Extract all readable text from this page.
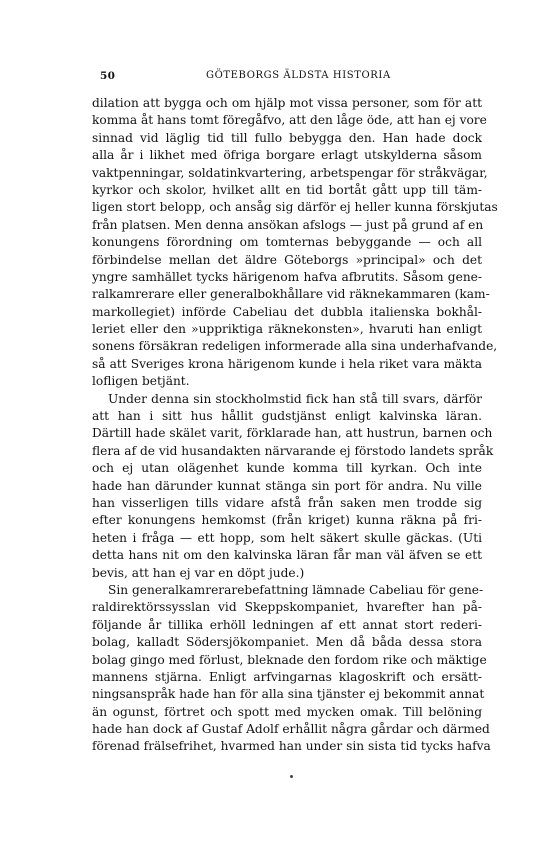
50	GÖTEBORGS ÄLDSTA HISTORIA
dilation att bygga och om hjälp mot vissa personer, som för att
komma åt hans tomt föregåfvo, att den låge öde, att han ej vore
sinnad vid läglig tid till fullo bebygga den. Han hade dock
alla år i likhet med öfriga borgare erlagt utskylderna såsom
vaktpenningar, soldatinkvartering, arbetspengar för stråkvägar,
kyrkor och skolor, hvilket allt en tid bortåt gått upp till täm-
ligen stort belopp, och ansåg sig därför ej heller kunna förskjutas
från platsen. Men denna ansökan afslogs — just på grund af en
konungens förordning om tomternas bebyggande — och all
förbindelse mellan det äldre Göteborgs »principal» och det
yngre samhället tycks härigenom hafva afbrutits. Såsom gene-
ralkamrerare eller generalbokhållare vid räknekammaren (kam-
markollegiet) införde Cabeliau det dubbla italienska bokhål-
leriet eller den »uppriktiga räknekonsten», hvaruti han enligt
sonens försäkran redeligen informerade alla sina underhafvande,
så att Sveriges krona härigenom kunde i hela riket vara mäkta
lofligen betjänt.
Under denna sin stockholmstid fick han stå till svars, därför
att han i sitt hus hållit gudstjänst enligt kalvinska läran.
Därtill hade skälet varit, förklarade han, att hustrun, barnen och
flera af de vid husandakten närvarande ej förstodo landets språk
och ej utan olägenhet kunde komma till kyrkan. Och inte
hade han därunder kunnat stänga sin port för andra. Nu ville
han visserligen tills vidare afstå från saken men trodde sig
efter konungens hemkomst (från kriget) kunna räkna på fri-
heten i fråga — ett hopp, som helt säkert skulle gäckas. (Uti
detta hans nit om den kalvinska läran får man väl äfven se ett
bevis, att han ej var en döpt jude.)
Sin generalkamrerarebefattning lämnade Cabeliau för gene-
raldirektörssysslan vid Skeppskompaniet, hvarefter han på-
följande år tillika erhöll ledningen af ett annat stort rederi-
bolag, kalladt Södersjökompaniet. Men då båda dessa stora
bolag gingo med förlust, bleknade den fordom rike och mäktige
mannens stjärna. Enligt arfvingarnas klagoskrift och ersätt-
ningsanspråk hade han för alla sina tjänster ej bekommit annat
än ogunst, förtret och spott med mycken omak. Till belöning
hade han dock af Gustaf Adolf erhållit några gårdar och därmed
förenad frälsefrihet, hvarmed han under sin sista tid tycks hafva
